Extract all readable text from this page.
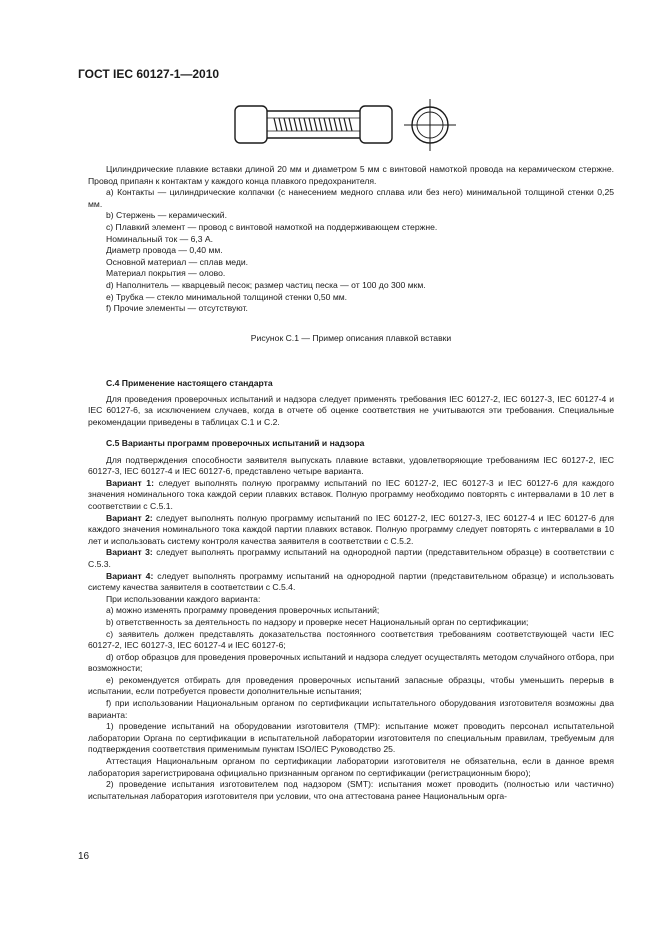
ГОСТ IEC 60127-1—2010

Цилиндрические плавкие вставки длиной 20 мм и диаметром 5 мм с винтовой намоткой провода на керамическом стержне. Провод припаян к контактам у каждого конца плавкого предохранителя.

a) Контакты — цилиндрические колпачки (с нанесением медного сплава или без него) минимальной толщиной стенки 0,25 мм.

b) Стержень — керамический.

c) Плавкий элемент — провод с винтовой намоткой на поддерживающем стержне.

Номинальный ток — 6,3 А.

Диаметр провода — 0,40 мм.

Основной материал — сплав меди.

Материал покрытия — олово.

d) Наполнитель — кварцевый песок; размер частиц песка — от 100 до 300 мкм.

e) Трубка — стекло минимальной толщиной стенки 0,50 мм.

f) Прочие элементы — отсутствуют.

Рисунок С.1 — Пример описания плавкой вставки

С.4 Применение настоящего стандарта

Для проведения проверочных испытаний и надзора следует применять требования IEC 60127-2, IEC 60127-3, IEC 60127-4 и IEC 60127-6, за исключением случаев, когда в отчете об оценке соответствия не учитываются эти требования. Специальные рекомендации приведены в таблицах С.1 и С.2.

С.5 Варианты программ проверочных испытаний и надзора

Для подтверждения способности заявителя выпускать плавкие вставки, удовлетворяющие требованиям IEC 60127-2, IEC 60127-3, IEC 60127-4 и IEC 60127-6, представлено четыре варианта.

Вариант 1: следует выполнять полную программу испытаний по IEC 60127-2, IEC 60127-3 и IEC 60127-6 для каждого значения номинального тока каждой серии плавких вставок. Полную программу необходимо повторять с интервалами в 10 лет в соответствии с С.5.1.

Вариант 2: следует выполнять полную программу испытаний по IEC 60127-2, IEC 60127-3, IEC 60127-4 и IEC 60127-6 для каждого значения номинального тока каждой партии плавких вставок. Полную программу следует повторять с интервалами в 10 лет и использовать систему контроля качества заявителя в соответствии с С.5.2.

Вариант 3: следует выполнять программу испытаний на однородной партии (представительном образце) в соответствии с С.5.3.

Вариант 4: следует выполнять программу испытаний на однородной партии (представительном образце) и использовать систему качества заявителя в соответствии с С.5.4.

При использовании каждого варианта:

a) можно изменять программу проведения проверочных испытаний;

b) ответственность за деятельность по надзору и проверке несет Национальный орган по сертификации;

c) заявитель должен представлять доказательства постоянного соответствия требованиям соответствующей части IEC 60127-2, IEC 60127-3, IEC 60127-4 и IEC 60127-6;

d) отбор образцов для проведения проверочных испытаний и надзора следует осуществлять методом случайного отбора, при возможности;

e) рекомендуется отбирать для проведения проверочных испытаний запасные образцы, чтобы уменьшить перерыв в испытании, если потребуется провести дополнительные испытания;

f) при использовании Национальным органом по сертификации испытательного оборудования изготовителя возможны два варианта:

1) проведение испытаний на оборудовании изготовителя (TMP): испытание может проводить персонал испытательной лаборатории Органа по сертификации в испытательной лаборатории изготовителя по специальным правилам, требуемым для подтверждения соответствия применимым пунктам ISO/IEC Руководство 25.

Аттестация Национальным органом по сертификации лаборатории изготовителя не обязательна, если в данное время лаборатория зарегистрирована официально признанным органом по сертификации (регистрационным бюро);

2) проведение испытания изготовителем под надзором (SMT): испытания может проводить (полностью или частично) испытательная лаборатория изготовителя при условии, что она аттестована ранее Национальным орга-

16
